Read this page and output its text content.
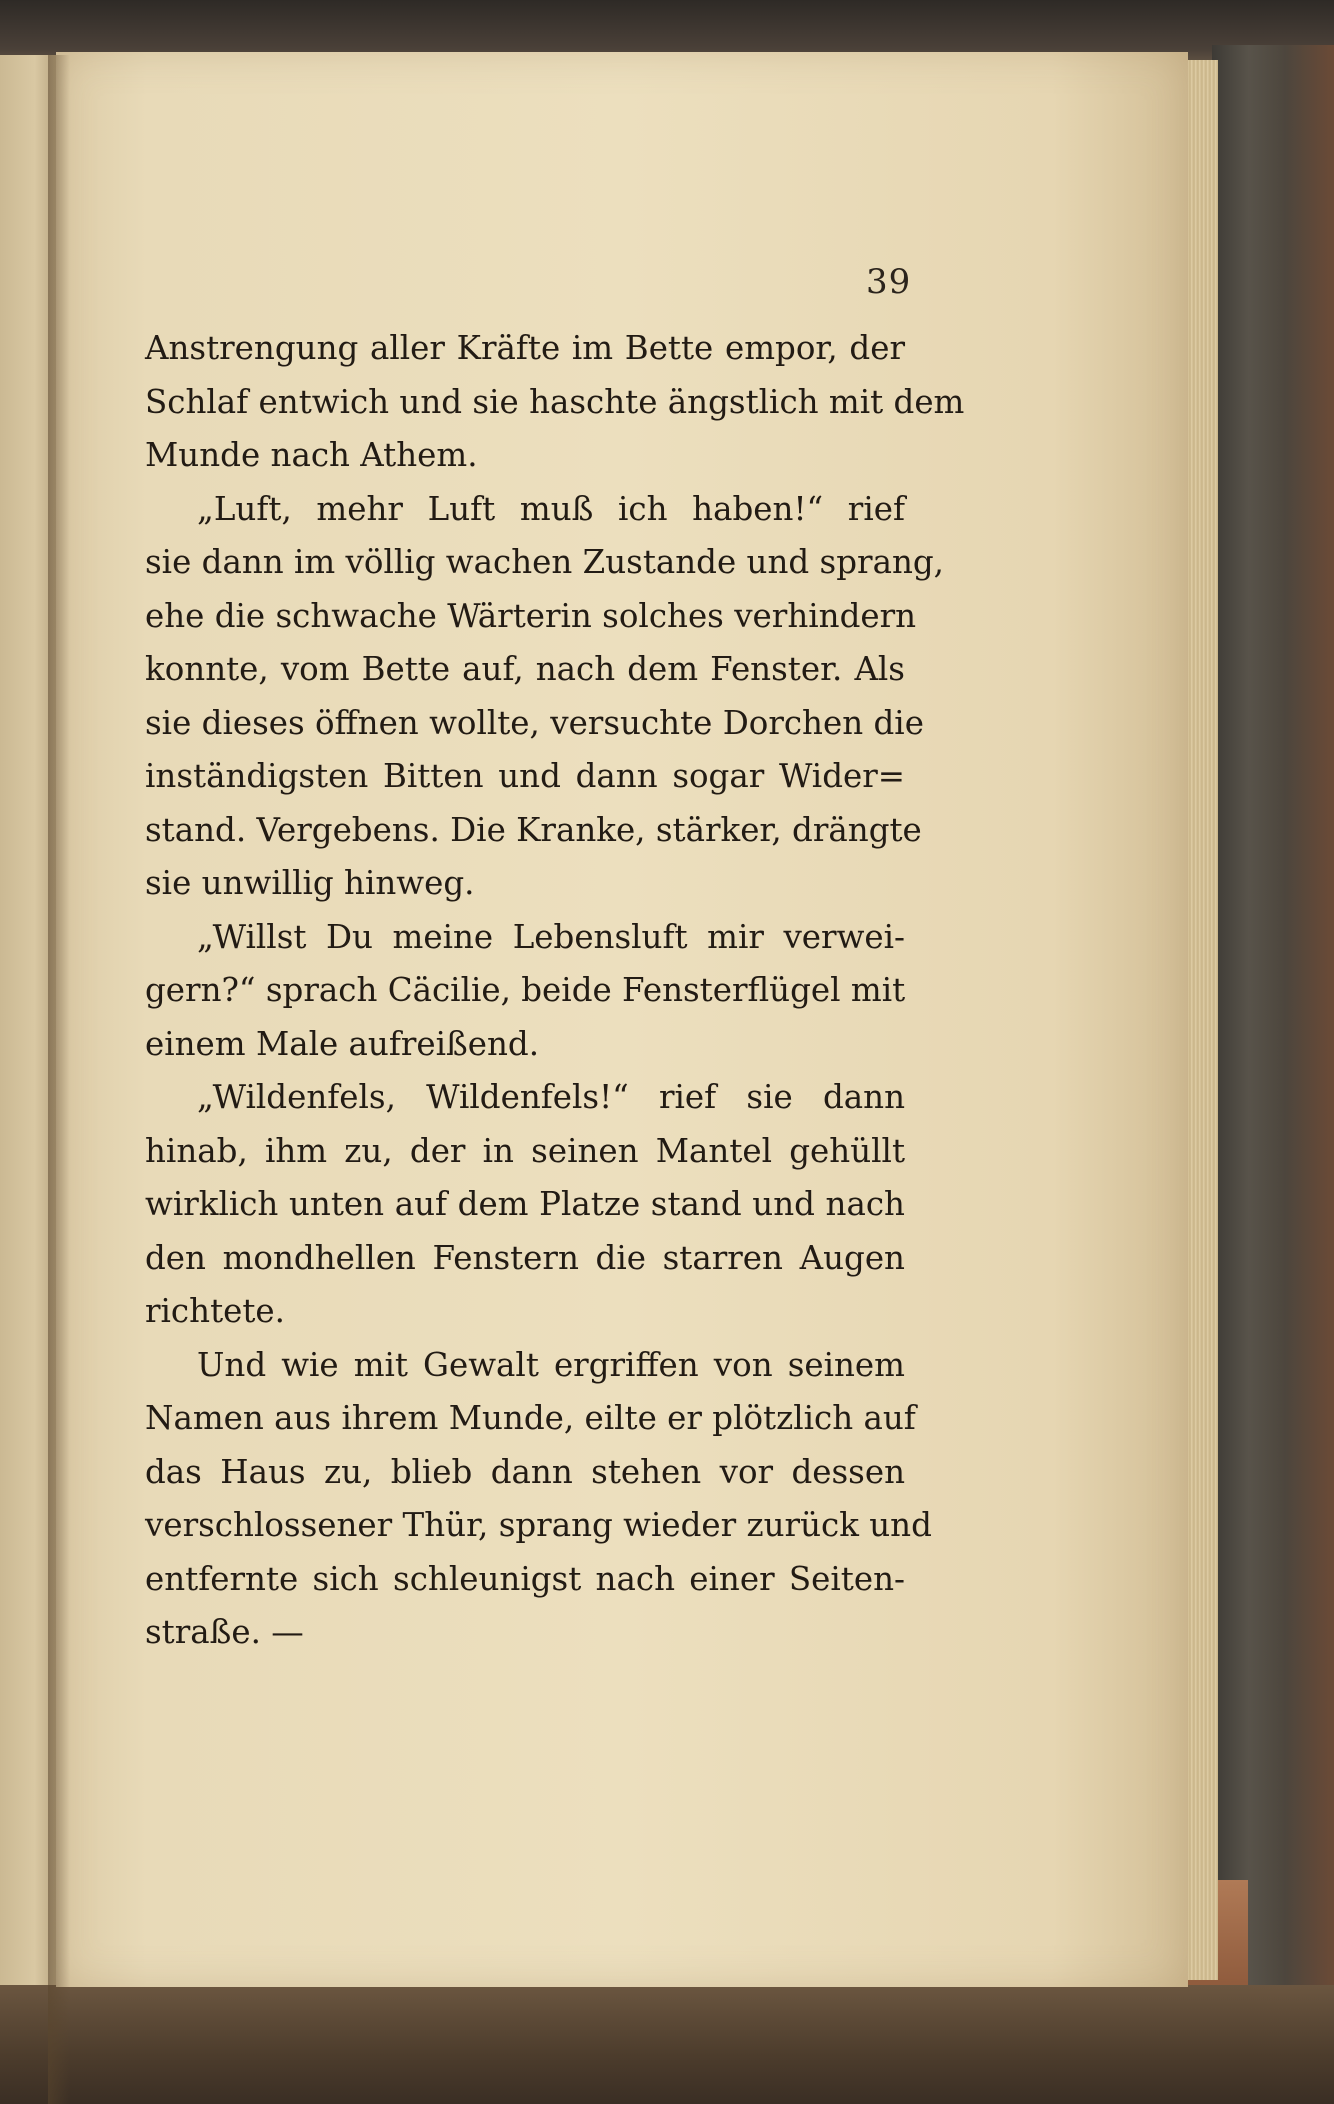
39
Anstrengung aller Kräfte im Bette empor, der
Schlaf entwich und sie haschte ängstlich mit dem
Munde nach Athem.
„Luft, mehr Luft muß ich haben!“ rief
sie dann im völlig wachen Zustande und sprang,
ehe die schwache Wärterin solches verhindern
konnte, vom Bette auf, nach dem Fenster. Als
sie dieses öffnen wollte, versuchte Dorchen die
inständigsten Bitten und dann sogar Wider=
stand. Vergebens. Die Kranke, stärker, drängte
sie unwillig hinweg.
„Willst Du meine Lebensluft mir verwei-
gern?“ sprach Cäcilie, beide Fensterflügel mit
einem Male aufreißend.
„Wildenfels, Wildenfels!“ rief sie dann
hinab, ihm zu, der in seinen Mantel gehüllt
wirklich unten auf dem Platze stand und nach
den mondhellen Fenstern die starren Augen
richtete.
Und wie mit Gewalt ergriffen von seinem
Namen aus ihrem Munde, eilte er plötzlich auf
das Haus zu, blieb dann stehen vor dessen
verschlossener Thür, sprang wieder zurück und
entfernte sich schleunigst nach einer Seiten-
straße. —
